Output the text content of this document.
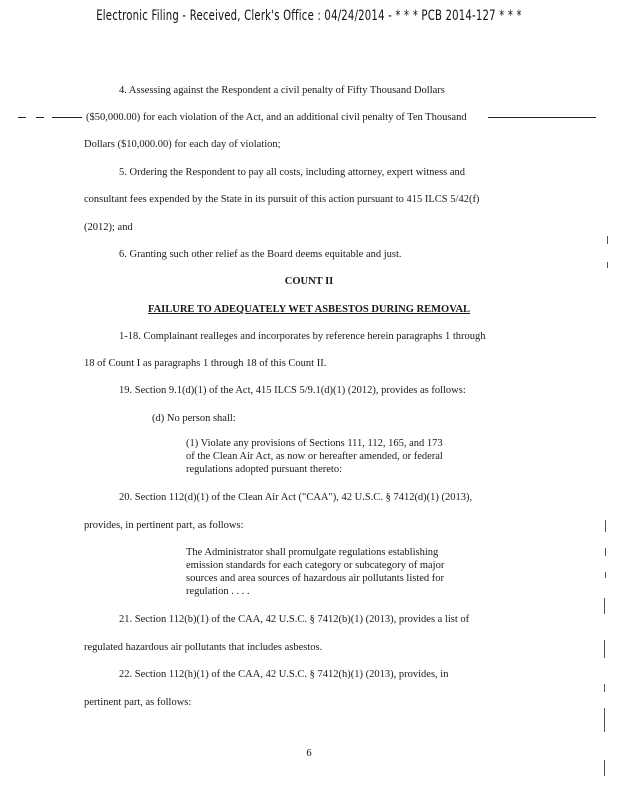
Electronic Filing - Received, Clerk's Office : 04/24/2014 - * * * PCB 2014-127 * * *
4. Assessing against the Respondent a civil penalty of Fifty Thousand Dollars
($50,000.00) for each violation of the Act, and an additional civil penalty of Ten Thousand
Dollars ($10,000.00) for each day of violation;
5. Ordering the Respondent to pay all costs, including attorney, expert witness and
consultant fees expended by the State in its pursuit of this action pursuant to 415 ILCS 5/42(f)
(2012); and
6. Granting such other relief as the Board deems equitable and just.
COUNT II
FAILURE TO ADEQUATELY WET ASBESTOS DURING REMOVAL
1-18. Complainant realleges and incorporates by reference herein paragraphs 1 through
18 of Count I as paragraphs 1 through 18 of this Count II.
19. Section 9.1(d)(1) of the Act, 415 ILCS 5/9.1(d)(1) (2012), provides as follows:
(d) No person shall:
(1) Violate any provisions of Sections 111, 112, 165, and 173
of the Clean Air Act, as now or hereafter amended, or federal
regulations adopted pursuant thereto:
20. Section 112(d)(1) of the Clean Air Act ("CAA"), 42 U.S.C. § 7412(d)(1) (2013),
provides, in pertinent part, as follows:
The Administrator shall promulgate regulations establishing
emission standards for each category or subcategory of major
sources and area sources of hazardous air pollutants listed for
regulation . . . .
21. Section 112(b)(1) of the CAA, 42 U.S.C. § 7412(b)(1) (2013), provides a list of
regulated hazardous air pollutants that includes asbestos.
22. Section 112(h)(1) of the CAA, 42 U.S.C. § 7412(h)(1) (2013), provides, in
pertinent part, as follows:
6
